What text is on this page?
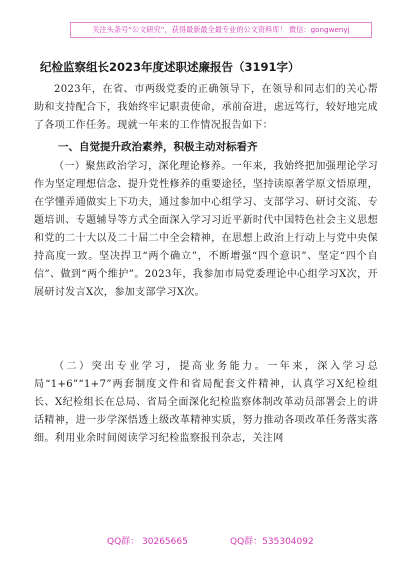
关注头条号“公文研究”，获得最新最全最专业的公文资料库！ 微信：gongwenyj
纪检监察组长2023年度述职述廉报告（3191字）
2023年，在省、市两级党委的正确领导下，在领导和同志们的关心帮助和支持配合下，我始终牢记职责使命，承前奋进，虑远笃行，较好地完成了各项工作任务。现就一年来的工作情况报告如下：
一、自觉提升政治素养，积极主动对标看齐
（一）聚焦政治学习，深化理论修养。一年来，我始终把加强理论学习作为坚定理想信念、提升党性修养的重要途径，坚持读原著学原文悟原理，在学懂弄通做实上下功夫，通过参加中心组学习、支部学习、研讨交流、专题培训、专题辅导等方式全面深入学习习近平新时代中国特色社会主义思想和党的二十大以及二十届二中全会精神，在思想上政治上行动上与党中央保持高度一致。坚决捍卫“两个确立”，不断增强“四个意识”、坚定“四个自信”、做到“两个维护”。2023年，我参加市局党委理论中心组学习X次，开展研讨发言X次，参加支部学习X次。
（二）突出专业学习，提高业务能力。一年来，深入学习总局“1+6”“1+7”两套制度文件和省局配套文件精神，认真学习X纪检组长、X纪检组长在总局、省局全面深化纪检监察体制改革动员部署会上的讲话精神，进一步学深悟透上级改革精神实质，努力推动各项改革任务落实落细。利用业余时间阅读学习纪检监察报刊杂志，关注网
QQ群： 30265665	QQ群：535304092
